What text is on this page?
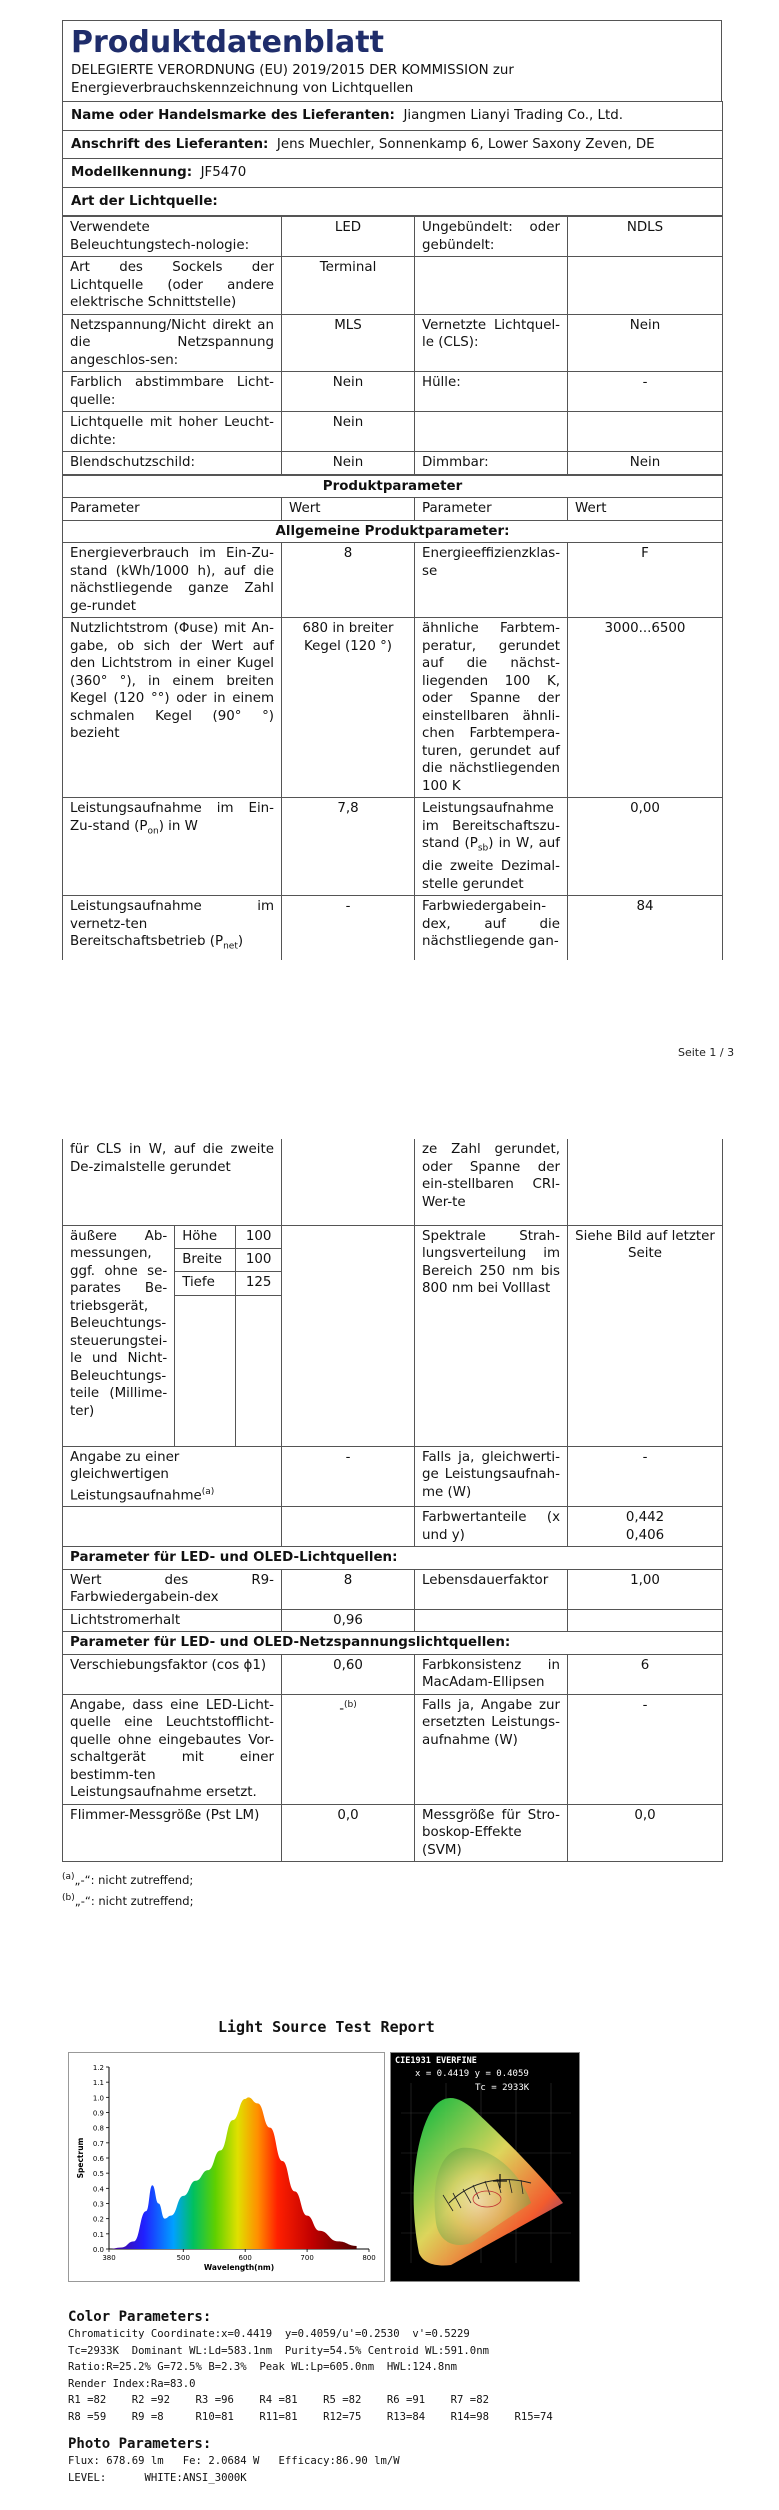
Produktdatenblatt
DELEGIERTE VERORDNUNG (EU) 2019/2015 DER KOMMISSION zur Energieverbrauchskennzeichnung von Lichtquellen
Name oder Handelsmarke des Lieferanten: Jiangmen Lianyi Trading Co., Ltd.
Anschrift des Lieferanten: Jens Muechler, Sonnenkamp 6, Lower Saxony Zeven, DE
Modellkennung: JF5470
Art der Lichtquelle:
Verwendete Beleuchtungstech-nologie:	LED	Ungebündelt: oder gebündelt:	NDLS
Art des Sockels der Lichtquelle (oder andere elektrische Schnittstelle)	Terminal		
Netzspannung/Nicht direkt an die Netzspannung angeschlos-sen:	MLS	Vernetzte Lichtquel-le (CLS):	Nein
Farblich abstimmbare Licht-quelle:	Nein	Hülle:	-
Lichtquelle mit hoher Leucht-dichte:	Nein		
Blendschutzschild:	Nein	Dimmbar:	Nein
Produktparameter			
Parameter	Wert	Parameter	Wert
Allgemeine Produktparameter:			
Energieverbrauch im Ein-Zu-stand (kWh/1000 h), auf die nächstliegende ganze Zahl ge-rundet	8	Energieeffizienzklas-se	F
Nutzlichtstrom (Φuse) mit An-gabe, ob sich der Wert auf den Lichtstrom in einer Kugel (360° °), in einem breiten Kegel (120 °°) oder in einem schmalen Kegel (90° °) bezieht	680 in breiter Kegel (120 °)	ähnliche Farbtem-peratur, gerundet auf die nächst-liegenden 100 K, oder Spanne der einstellbaren ähnli-chen Farbtempera-turen, gerundet auf die nächstliegenden 100 K	3000...6500
Leistungsaufnahme im Ein-Zu-stand $(P_{on})$ in W	7,8	Leistungsaufnahme im Bereitschaftszu-stand $(P_{sb})$ in W, auf die zweite Dezimal-stelle gerundet	0,00
Leistungsaufnahme im vernetz-ten Bereitschaftsbetrieb $(P_{net})$	-	Farbwiedergabein-dex, auf die nächstliegende gan-	84
Seite 1 / 3
für CLS in W, auf die zweite De-zimalstelle gerundet		ze Zahl gerundet, oder Spanne der ein-stellbaren CRI-Wer-te	

äußere Ab-messungen, ggf. ohne se-parates Be-triebsgerät, Beleuchtungs-steuerungstei-le und Nicht-Beleuchtungs-teile (Millime-ter)	Höhe	100
Breite	100
Tiefe	125

		Spektrale Strah-lungsverteilung im Bereich 250 nm bis 800 nm bei Volllast	Siehe Bild auf letzter Seite
Angabe zu einer gleichwertigen Leistungsaufnahme$^{(a)}$	-	Falls ja, gleichwerti-ge Leistungsaufnah-me (W)	-
		Farbwertanteile (x und y)	0,442
0,406
Parameter für LED- und OLED-Lichtquellen:
Wert des R9-Farbwiedergabein-dex	8	Lebensdauerfaktor	1,00
Lichtstromerhalt	0,96		
Parameter für LED- und OLED-Netzspannungslichtquellen:
Verschiebungsfaktor (cos ϕ1)	0,60	Farbkonsistenz in MacAdam-Ellipsen	6
Angabe, dass eine LED-Licht-quelle eine Leuchtstofflicht-quelle ohne eingebautes Vor-schaltgerät mit einer bestimm-ten Leistungsaufnahme ersetzt.	-$^{(b)}$	Falls ja, Angabe zur ersetzten Leistungs-aufnahme (W)	-
Flimmer-Messgröße (Pst LM)	0,0	Messgröße für Stro-boskop-Effekte (SVM)	0,0
$^{(a)}$„-“: nicht zutreffend;
$^{(b)}$„-“: nicht zutreffend;
Light Source Test Report
0.0
0.1
0.2
0.3
0.4
0.5
0.6
0.7
0.8
0.9
1.0
1.1
1.2
380	500	600	700	800
Wavelength(nm)
Spectrum
CIE1931 EVERFINE
x = 0.4419 y = 0.4059
Tc = 2933K
Color Parameters:
Chromaticity Coordinate:x=0.4419  y=0.4059/u'=0.2530  v'=0.5229
Tc=2933K  Dominant WL:Ld=583.1nm  Purity=54.5% Centroid WL:591.0nm
Ratio:R=25.2% G=72.5% B=2.3%  Peak WL:Lp=605.0nm  HWL:124.8nm
Render Index:Ra=83.0
R1 =82    R2 =92    R3 =96    R4 =81    R5 =82    R6 =91    R7 =82
R8 =59    R9 =8     R10=81    R11=81    R12=75    R13=84    R14=98    R15=74
Photo Parameters:
Flux: 678.69 lm   Fe: 2.0684 W   Efficacy:86.90 lm/W
LEVEL:      WHITE:ANSI_3000K
